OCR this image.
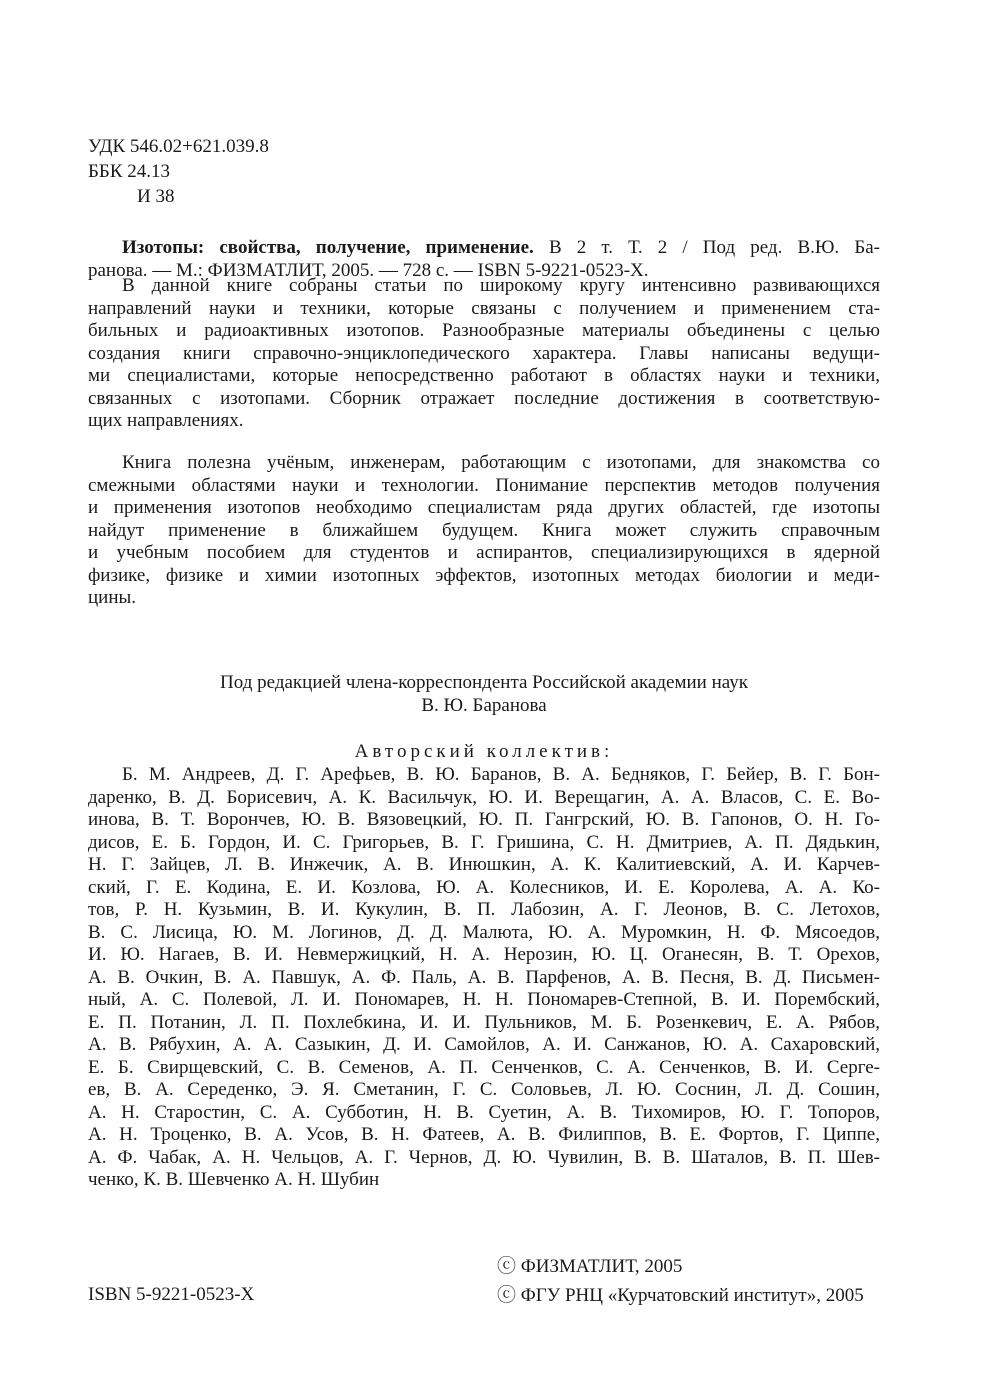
УДК 546.02+621.039.8
ББК 24.13
И 38
Изотопы: свойства, получение, применение. В 2 т. Т. 2 / Под ред. В.Ю. Ба-
ранова. — М.: ФИЗМАТЛИТ, 2005. — 728 с. — ISBN 5-9221-0523-X.
В данной книге собраны статьи по широкому кругу интенсивно развивающихся
направлений науки и техники, которые связаны с получением и применением ста-
бильных и радиоактивных изотопов. Разнообразные материалы объединены с целью
создания книги справочно-энциклопедического характера. Главы написаны ведущи-
ми специалистами, которые непосредственно работают в областях науки и техники,
связанных с изотопами. Сборник отражает последние достижения в соответствую-
щих направлениях.
Книга полезна учёным, инженерам, работающим с изотопами, для знакомства со
смежными областями науки и технологии. Понимание перспектив методов получения
и применения изотопов необходимо специалистам ряда других областей, где изотопы
найдут применение в ближайшем будущем. Книга может служить справочным
и учебным пособием для студентов и аспирантов, специализирующихся в ядерной
физике, физике и химии изотопных эффектов, изотопных методах биологии и меди-
цины.
Под редакцией члена-корреспондента Российской академии наук
В. Ю. Баранова
Авторский коллектив:
Б. М. Андреев, Д. Г. Арефьев, В. Ю. Баранов, В. А. Бедняков, Г. Бейер, В. Г. Бон-
даренко, В. Д. Борисевич, А. К. Васильчук, Ю. И. Верещагин, А. А. Власов, С. Е. Во-
инова, В. Т. Ворончев, Ю. В. Вязовецкий, Ю. П. Гангрский, Ю. В. Гапонов, О. Н. Го-
дисов, Е. Б. Гордон, И. С. Григорьев, В. Г. Гришина, С. Н. Дмитриев, А. П. Дядькин,
Н. Г. Зайцев, Л. В. Инжечик, А. В. Инюшкин, А. К. Калитиевский, А. И. Карчев-
ский, Г. Е. Кодина, Е. И. Козлова, Ю. А. Колесников, И. Е. Королева, А. А. Ко-
тов, Р. Н. Кузьмин, В. И. Кукулин, В. П. Лабозин, А. Г. Леонов, В. С. Летохов,
В. С. Лисица, Ю. М. Логинов, Д. Д. Малюта, Ю. А. Муромкин, Н. Ф. Мясоедов,
И. Ю. Нагаев, В. И. Невмержицкий, Н. А. Нерозин, Ю. Ц. Оганесян, В. Т. Орехов,
А. В. Очкин, В. А. Павшук, А. Ф. Паль, А. В. Парфенов, А. В. Песня, В. Д. Письмен-
ный, А. С. Полевой, Л. И. Пономарев, Н. Н. Пономарев-Степной, В. И. Порембский,
Е. П. Потанин, Л. П. Похлебкина, И. И. Пульников, М. Б. Розенкевич, Е. А. Рябов,
А. В. Рябухин, А. А. Сазыкин, Д. И. Самойлов, А. И. Санжанов, Ю. А. Сахаровский,
Е. Б. Свирщевский, С. В. Семенов, А. П. Сенченков, С. А. Сенченков, В. И. Серге-
ев, В. А. Середенко, Э. Я. Сметанин, Г. С. Соловьев, Л. Ю. Соснин, Л. Д. Сошин,
А. Н. Старостин, С. А. Субботин, Н. В. Суетин, А. В. Тихомиров, Ю. Г. Топоров,
А. Н. Троценко, В. А. Усов, В. Н. Фатеев, А. В. Филиппов, В. Е. Фортов, Г. Циппе,
А. Ф. Чабак, А. Н. Чельцов, А. Г. Чернов, Д. Ю. Чувилин, В. В. Шаталов, В. П. Шев-
ченко, К. В. Шевченко А. Н. Шубин
ⓒ ФИЗМАТЛИТ, 2005
ⓒ ФГУ РНЦ «Курчатовский институт», 2005
ISBN 5-9221-0523-X
